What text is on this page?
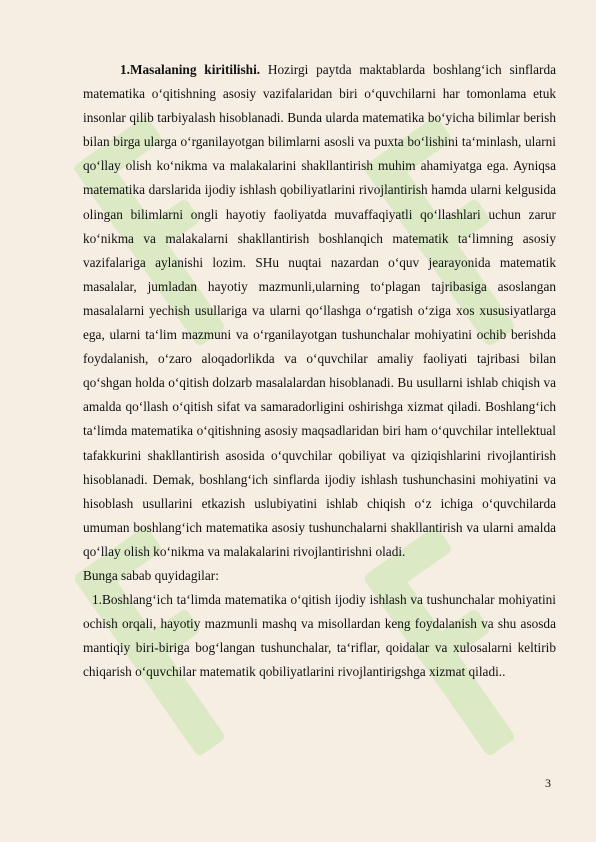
1.Masalaning kiritilishi. Hozirgi paytda maktablarda boshlang‘ich sinflarda matematika o‘qitishning asosiy vazifalaridan biri o‘quvchilarni har tomonlama etuk insonlar qilib tarbiyalash hisoblanadi. Bunda ularda matematika bo‘yicha bilimlar berish bilan birga ularga o‘rganilayotgan bilimlarni asosli va puxta bo‘lishini ta‘minlash, ularni qo‘llay olish ko‘nikma va malakalarini shakllantirish muhim ahamiyatga ega. Ayniqsa matematika darslarida ijodiy ishlash qobiliyatlarini rivojlantirish hamda ularni kelgusida olingan bilimlarni ongli hayotiy faoliyatda muvaffaqiyatli qo‘llashlari uchun zarur ko‘nikma va malakalarni shakllantirish boshlanqich matematik ta‘limning asosiy vazifalariga aylanishi lozim. SHu nuqtai nazardan o‘quv jearayonida matematik masalalar, jumladan hayotiy mazmunli,ularning to‘plagan tajribasiga asoslangan masalalarni yechish usullariga va ularni qo‘llashga o‘rgatish o‘ziga xos xususiyatlarga ega, ularni ta‘lim mazmuni va o‘rganilayotgan tushunchalar mohiyatini ochib berishda foydalanish, o‘zaro aloqadorlikda va o‘quvchilar amaliy faoliyati tajribasi bilan qo‘shgan holda o‘qitish dolzarb masalalardan hisoblanadi. Bu usullarni ishlab chiqish va amalda qo‘llash o‘qitish sifat va samaradorligini oshirishga xizmat qiladi. Boshlang‘ich ta‘limda matematika o‘qitishning asosiy maqsadlaridan biri ham o‘quvchilar intellektual tafakkurini shakllantirish asosida o‘quvchilar qobiliyat va qiziqishlarini rivojlantirish hisoblanadi. Demak, boshlang‘ich sinflarda ijodiy ishlash tushunchasini mohiyatini va hisoblash usullarini etkazish uslubiyatini ishlab chiqish o‘z ichiga o‘quvchilarda umuman boshlang‘ich matematika asosiy tushunchalarni shakllantirish va ularni amalda qo‘llay olish ko‘nikma va malakalarini rivojlantirishni oladi.

Bunga sabab quyidagilar:

1.Boshlang‘ich ta‘limda matematika o‘qitish ijodiy ishlash va tushunchalar mohiyatini ochish orqali, hayotiy mazmunli mashq va misollardan keng foydalanish va shu asosda mantiqiy biri-biriga bog‘langan tushunchalar, ta‘riflar, qoidalar va xulosalarni keltirib chiqarish o‘quvchilar matematik qobiliyatlarini rivojlantirigshga xizmat qiladi..

3
